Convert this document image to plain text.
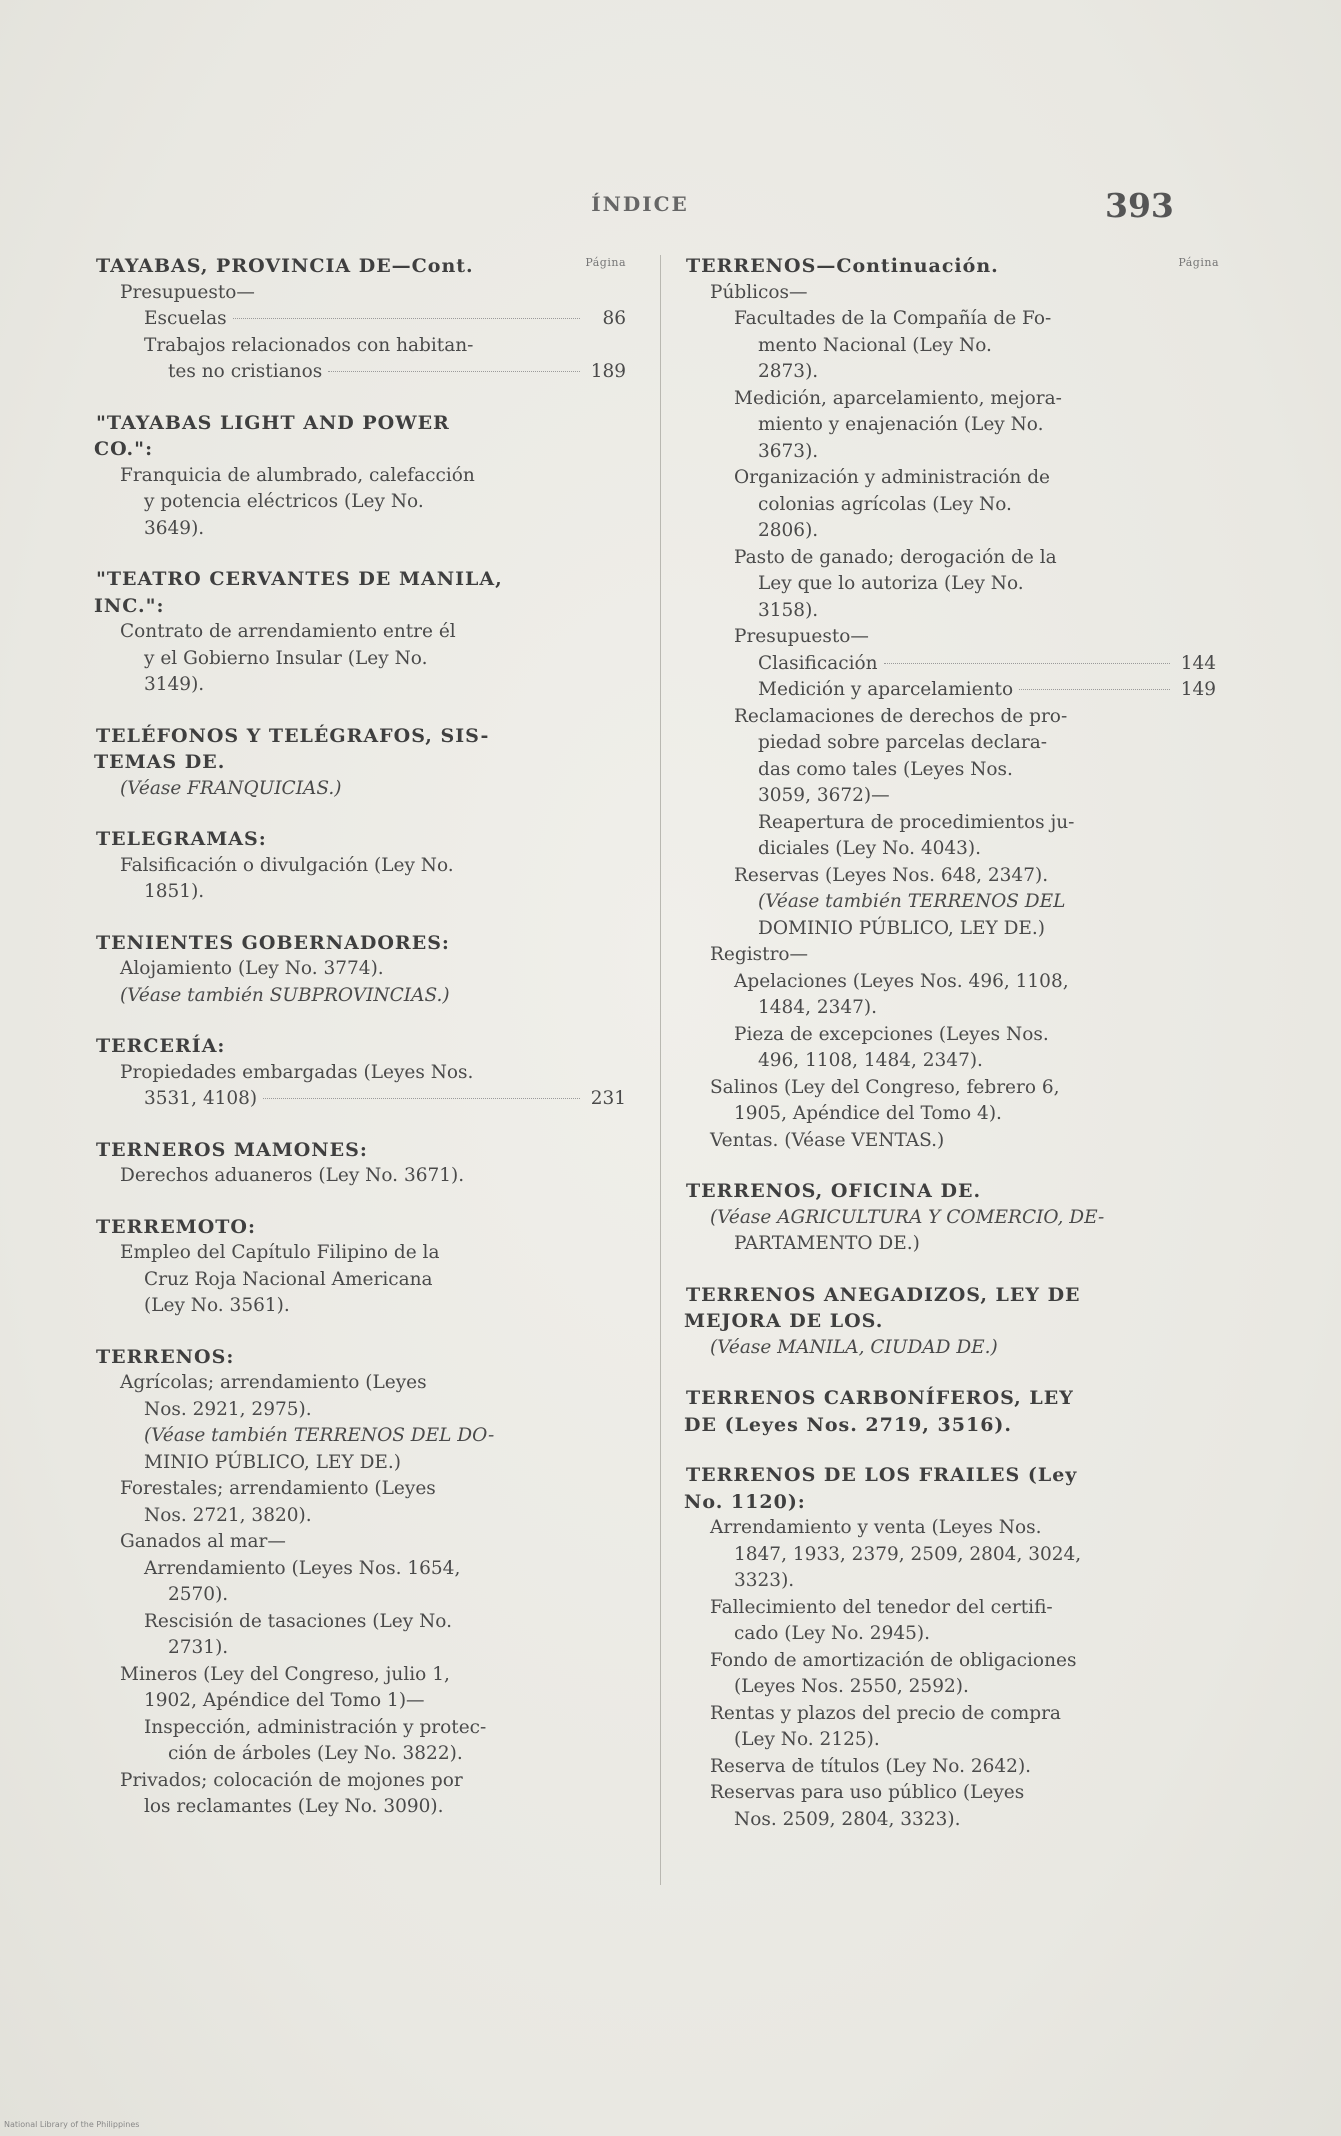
ÍNDICE	393
Página
TAYABAS, PROVINCIA DE—Cont.
Presupuesto—
Escuelas	86
Trabajos relacionados con habitan-
tes no cristianos	189
"TAYABAS LIGHT AND POWER
CO.":
Franquicia de alumbrado, calefacción
y potencia eléctricos (Ley No.
3649).
"TEATRO CERVANTES DE MANILA,
INC.":
Contrato de arrendamiento entre él
y el Gobierno Insular (Ley No.
3149).
TELÉFONOS Y TELÉGRAFOS, SIS-
TEMAS DE.
(Véase FRANQUICIAS.)
TELEGRAMAS:
Falsificación o divulgación (Ley No.
1851).
TENIENTES GOBERNADORES:
Alojamiento (Ley No. 3774).
(Véase también SUBPROVINCIAS.)
TERCERÍA:
Propiedades embargadas (Leyes Nos.
3531, 4108)	231
TERNEROS MAMONES:
Derechos aduaneros (Ley No. 3671).
TERREMOTO:
Empleo del Capítulo Filipino de la
Cruz Roja Nacional Americana
(Ley No. 3561).
TERRENOS:
Agrícolas; arrendamiento (Leyes
Nos. 2921, 2975).
(Véase también TERRENOS DEL DO-
MINIO PÚBLICO, LEY DE.)
Forestales; arrendamiento (Leyes
Nos. 2721, 3820).
Ganados al mar—
Arrendamiento (Leyes Nos. 1654,
2570).
Rescisión de tasaciones (Ley No.
2731).
Mineros (Ley del Congreso, julio 1,
1902, Apéndice del Tomo 1)—
Inspección, administración y protec-
ción de árboles (Ley No. 3822).
Privados; colocación de mojones por
los reclamantes (Ley No. 3090).
Página
TERRENOS—Continuación.
Públicos—
Facultades de la Compañía de Fo-
mento Nacional (Ley No.
2873).
Medición, aparcelamiento, mejora-
miento y enajenación (Ley No.
3673).
Organización y administración de
colonias agrícolas (Ley No.
2806).
Pasto de ganado; derogación de la
Ley que lo autoriza (Ley No.
3158).
Presupuesto—
Clasificación	144
Medición y aparcelamiento	149
Reclamaciones de derechos de pro-
piedad sobre parcelas declara-
das como tales (Leyes Nos.
3059, 3672)—
Reapertura de procedimientos ju-
diciales (Ley No. 4043).
Reservas (Leyes Nos. 648, 2347).
(Véase también TERRENOS DEL
DOMINIO PÚBLICO, LEY DE.)
Registro—
Apelaciones (Leyes Nos. 496, 1108,
1484, 2347).
Pieza de excepciones (Leyes Nos.
496, 1108, 1484, 2347).
Salinos (Ley del Congreso, febrero 6,
1905, Apéndice del Tomo 4).
Ventas. (Véase VENTAS.)
TERRENOS, OFICINA DE.
(Véase AGRICULTURA Y COMERCIO, DE-
PARTAMENTO DE.)
TERRENOS ANEGADIZOS, LEY DE
MEJORA DE LOS.
(Véase MANILA, CIUDAD DE.)
TERRENOS CARBONÍFEROS, LEY
DE (Leyes Nos. 2719, 3516).
TERRENOS DE LOS FRAILES (Ley
No. 1120):
Arrendamiento y venta (Leyes Nos.
1847, 1933, 2379, 2509, 2804, 3024,
3323).
Fallecimiento del tenedor del certifi-
cado (Ley No. 2945).
Fondo de amortización de obligaciones
(Leyes Nos. 2550, 2592).
Rentas y plazos del precio de compra
(Ley No. 2125).
Reserva de títulos (Ley No. 2642).
Reservas para uso público (Leyes
Nos. 2509, 2804, 3323).
National Library of the Philippines
